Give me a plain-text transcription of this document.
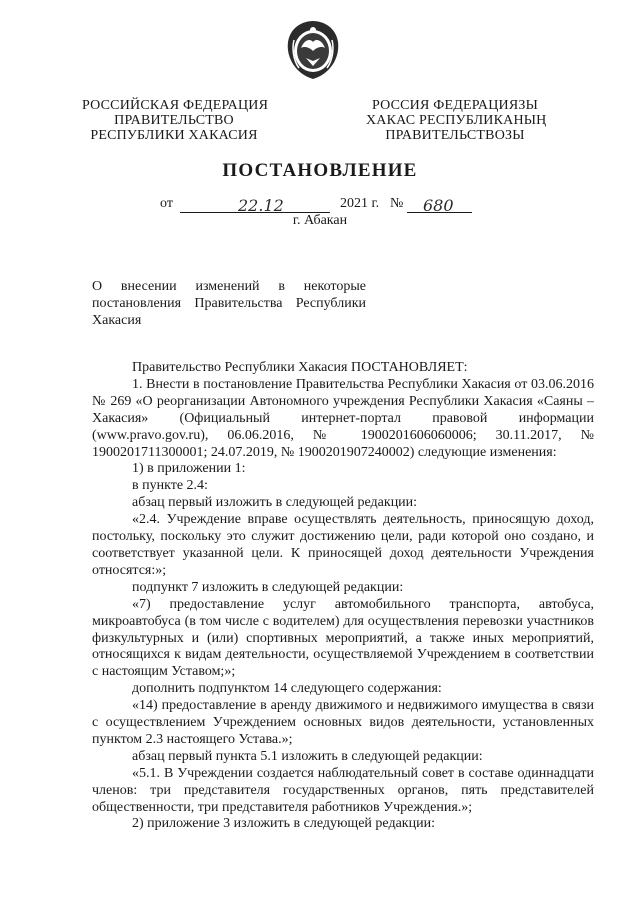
РОССИЙСКАЯ ФЕДЕРАЦИЯ
ПРАВИТЕЛЬСТВО
РЕСПУБЛИКИ ХАКАСИЯ
РОССИЯ ФЕДЕРАЦИЯЗЫ
ХАКАС РЕСПУБЛИКАНЫҢ
ПРАВИТЕЛЬСТВОЗЫ
ПОСТАНОВЛЕНИЕ
от	22.12	2021 г. № 680
г. Абакан
О внесении изменений в некоторые
постановления Правительства Республики
Хакасия

Правительство Республики Хакасия ПОСТАНОВЛЯЕТ:

1. Внести в постановление Правительства Республики Хакасия от 03.06.2016 № 269 «О реорганизации Автономного учреждения Республики Хакасия «Саяны – Хакасия» (Официальный интернет-портал правовой информации (www.pravo.gov.ru), 06.06.2016, № 1900201606060006; 30.11.2017, № 1900201711300001; 24.07.2019, № 1900201907240002) следующие изменения:

1) в приложении 1:

в пункте 2.4:

абзац первый изложить в следующей редакции:

«2.4. Учреждение вправе осуществлять деятельность, приносящую доход, постольку, поскольку это служит достижению цели, ради которой оно создано, и соответствует указанной цели. К приносящей доход деятельности Учреждения относятся:»;

подпункт 7 изложить в следующей редакции:

«7) предоставление услуг автомобильного транспорта, автобуса, микроавтобуса (в том числе с водителем) для осуществления перевозки участников физкультурных и (или) спортивных мероприятий, а также иных мероприятий, относящихся к видам деятельности, осуществляемой Учреждением в соответствии с настоящим Уставом;»;

дополнить подпунктом 14 следующего содержания:

«14) предоставление в аренду движимого и недвижимого имущества в связи с осуществлением Учреждением основных видов деятельности, установленных пунктом 2.3 настоящего Устава.»;

абзац первый пункта 5.1 изложить в следующей редакции:

«5.1. В Учреждении создается наблюдательный совет в составе одиннадцати членов: три представителя государственных органов, пять представителей общественности, три представителя работников Учреждения.»;

2) приложение 3 изложить в следующей редакции:
